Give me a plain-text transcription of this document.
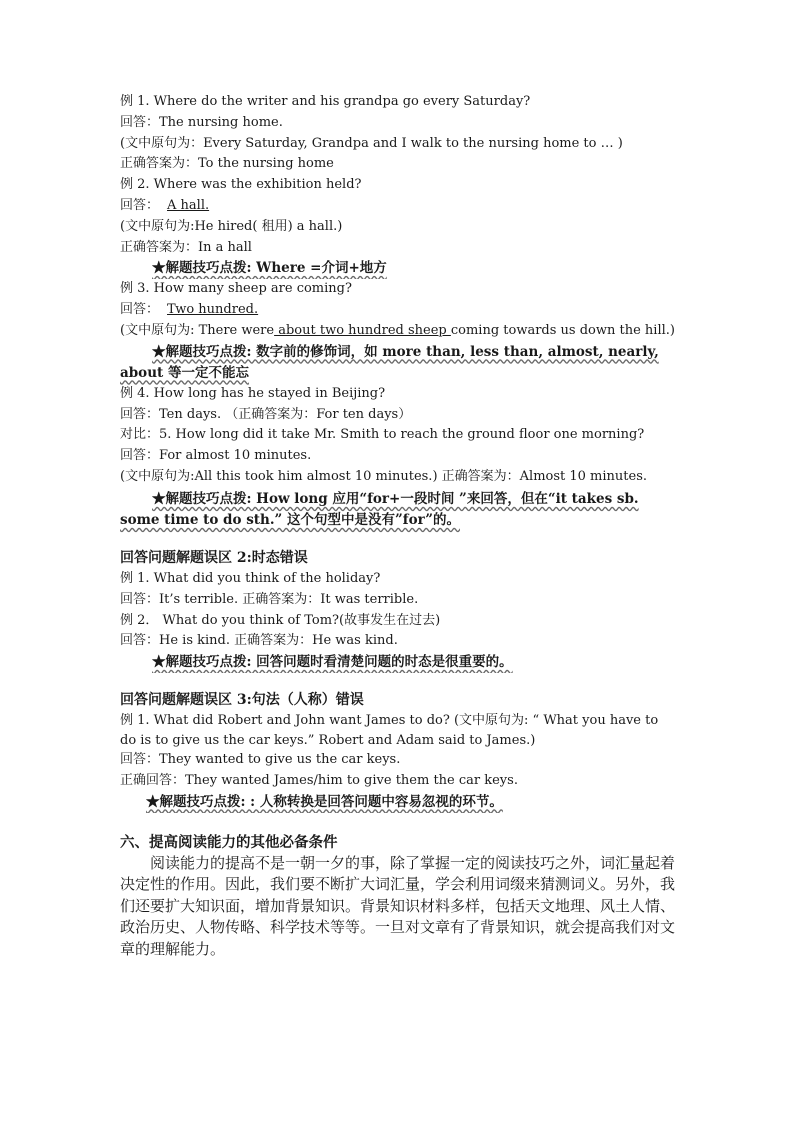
例 1. Where do the writer and his grandpa go every Saturday?
回答：The nursing home.
(文中原句为：Every Saturday, Grandpa and I walk to the nursing home to … )
正确答案为：To the nursing home
例 2. Where was the exhibition held?
回答： A hall.
(文中原句为:He hired( 租用) a hall.)
正确答案为：In a hall
★解题技巧点拨: Where =介词+地方
例 3. How many sheep are coming?
回答： Two hundred.
(文中原句为: There were about two hundred sheep coming towards us down the hill.)
★解题技巧点拨: 数字前的修饰词，如 more than, less than, almost, nearly, about 等一定不能忘
例 4. How long has he stayed in Beijing?
回答：Ten days. （正确答案为：For ten days）
对比：5. How long did it take Mr. Smith to reach the ground floor one morning?
回答：For almost 10 minutes.
(文中原句为:All this took him almost 10 minutes.) 正确答案为：Almost 10 minutes.
★解题技巧点拨: How long 应用“for+一段时间 ”来回答，但在“it takes sb. some time to do sth.” 这个句型中是没有”for”的。
回答问题解题误区 2:时态错误
例 1. What did you think of the holiday?
回答：It’s terrible. 正确答案为：It was terrible.
例 2． What do you think of Tom?(故事发生在过去)
回答：He is kind. 正确答案为：He was kind.
★解题技巧点拨: 回答问题时看清楚问题的时态是很重要的。
回答问题解题误区 3:句法（人称）错误
例 1. What did Robert and John want James to do? (文中原句为: “ What you have to do is to give us the car keys.” Robert and Adam said to James.)
回答：They wanted to give us the car keys.
正确回答：They wanted James/him to give them the car keys.
★解题技巧点拨: : 人称转换是回答问题中容易忽视的环节。
六、提高阅读能力的其他必备条件
阅读能力的提高不是一朝一夕的事，除了掌握一定的阅读技巧之外，词汇量起着决定性的作用。因此，我们要不断扩大词汇量，学会利用词缀来猜测词义。另外，我们还要扩大知识面，增加背景知识。背景知识材料多样，包括天文地理、风土人情、政治历史、人物传略、科学技术等等。一旦对文章有了背景知识，就会提高我们对文章的理解能力。
